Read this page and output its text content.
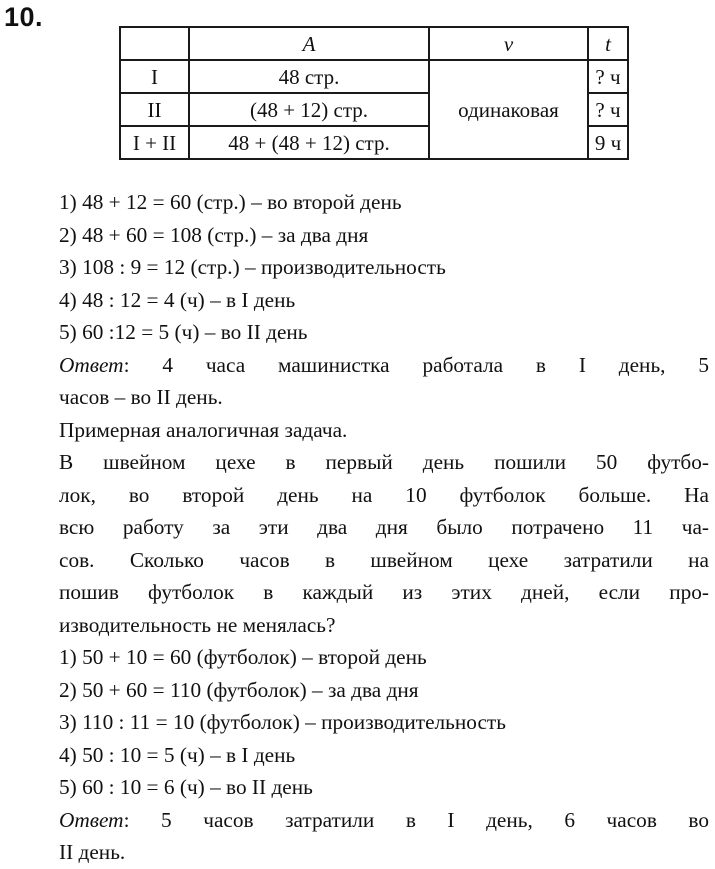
10.
	A	v	t
I	48 стр.	одинаковая	? ч
II	(48 + 12) стр.		? ч
I + II	48 + (48 + 12) стр.		9 ч
1) 48 + 12 = 60 (стр.) – во второй день
2) 48 + 60 = 108 (стр.) – за два дня
3) 108 : 9 = 12 (стр.) – производительность
4) 48 : 12 = 4 (ч) – в I день
5) 60 :12 = 5 (ч) – во II день
Ответ: 4 часа машинистка работала в I день, 5
часов – во II день.
Примерная аналогичная задача.
В швейном цехе в первый день пошили 50 футбо-
лок, во второй день на 10 футболок больше. На
всю работу за эти два дня было потрачено 11 ча-
сов. Сколько часов в швейном цехе затратили на
пошив футболок в каждый из этих дней, если про-
изводительность не менялась?
1) 50 + 10 = 60 (футболок) – второй день
2) 50 + 60 = 110 (футболок) – за два дня
3) 110 : 11 = 10 (футболок) – производительность
4) 50 : 10 = 5 (ч) – в I день
5) 60 : 10 = 6 (ч) – во II день
Ответ: 5 часов затратили в I день, 6 часов во
II день.
